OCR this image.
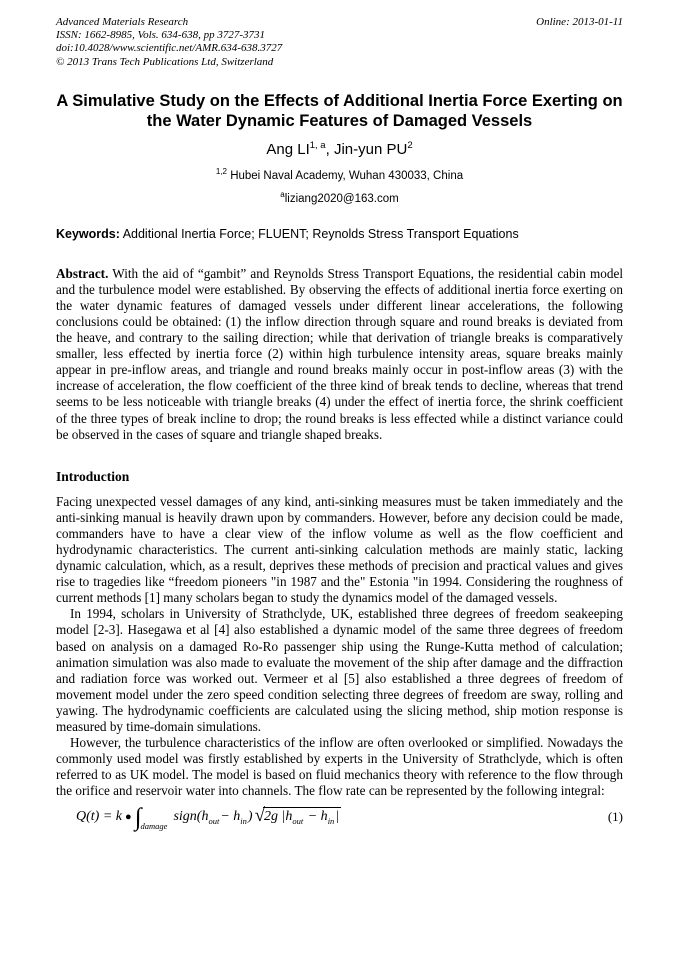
Advanced Materials Research	Online: 2013-01-11
ISSN: 1662-8985, Vols. 634-638, pp 3727-3731
doi:10.4028/www.scientific.net/AMR.634-638.3727
© 2013 Trans Tech Publications Ltd, Switzerland
A Simulative Study on the Effects of Additional Inertia Force Exerting on
the Water Dynamic Features of Damaged Vessels
Ang LI$^{1, a}$, Jin-yun $PU^2$
$^{1,2}$ Hubei Naval Academy, Wuhan 430033, China
$^a$liziang2020@163.com
Keywords: Additional Inertia Force; FLUENT; Reynolds Stress Transport Equations

Abstract. With the aid of “gambit” and Reynolds Stress Transport Equations, the residential cabin model and the turbulence model were established. By observing the effects of additional inertia force exerting on the water dynamic features of damaged vessels under different linear accelerations, the following conclusions could be obtained: (1) the inflow direction through square and round breaks is deviated from the heave, and contrary to the sailing direction; while that derivation of triangle breaks is comparatively smaller, less effected by inertia force (2) within high turbulence intensity areas, square breaks mainly appear in pre-inflow areas, and triangle and round breaks mainly occur in post-inflow areas (3) with the increase of acceleration, the flow coefficient of the three kind of break tends to decline, whereas that trend seems to be less noticeable with triangle breaks (4) under the effect of inertia force, the shrink coefficient of the three types of break incline to drop; the round breaks is less effected while a distinct variance could be observed in the cases of square and triangle shaped breaks.

Introduction

Facing unexpected vessel damages of any kind, anti-sinking measures must be taken immediately and the anti-sinking manual is heavily drawn upon by commanders. However, before any decision could be made, commanders have to have a clear view of the inflow volume as well as the flow coefficient and hydrodynamic characteristics. The current anti-sinking calculation methods are mainly static, lacking dynamic calculation, which, as a result, deprives these methods of precision and practical values and gives rise to tragedies like “freedom pioneers "in 1987 and the" Estonia "in 1994. Considering the roughness of current methods [1] many scholars began to study the dynamics model of the damaged vessels.

In 1994, scholars in University of Strathclyde, UK, established three degrees of freedom seakeeping model [2-3]. Hasegawa et al [4] also established a dynamic model of the same three degrees of freedom based on analysis on a damaged Ro-Ro passenger ship using the Runge-Kutta method of calculation; animation simulation was also made to evaluate the movement of the ship after damage and the diffraction and radiation force was worked out. Vermeer et al [5] also established a three degrees of freedom of movement model under the zero speed condition selecting three degrees of freedom are sway, rolling and yawing. The hydrodynamic coefficients are calculated using the slicing method, ship motion response is measured by time-domain simulations.

However, the turbulence characteristics of the inflow are often overlooked or simplified. Nowadays the commonly used model was firstly established by experts in the University of Strathclyde, which is often referred to as UK model. The model is based on fluid mechanics theory with reference to the flow through the orifice and reservoir water into channels. The flow rate can be represented by the following integral:

Q(t) = k ● ∫ damage
sign(h out − h in ) √ 2g $|h_{out} - h_{in}|$	(1)
